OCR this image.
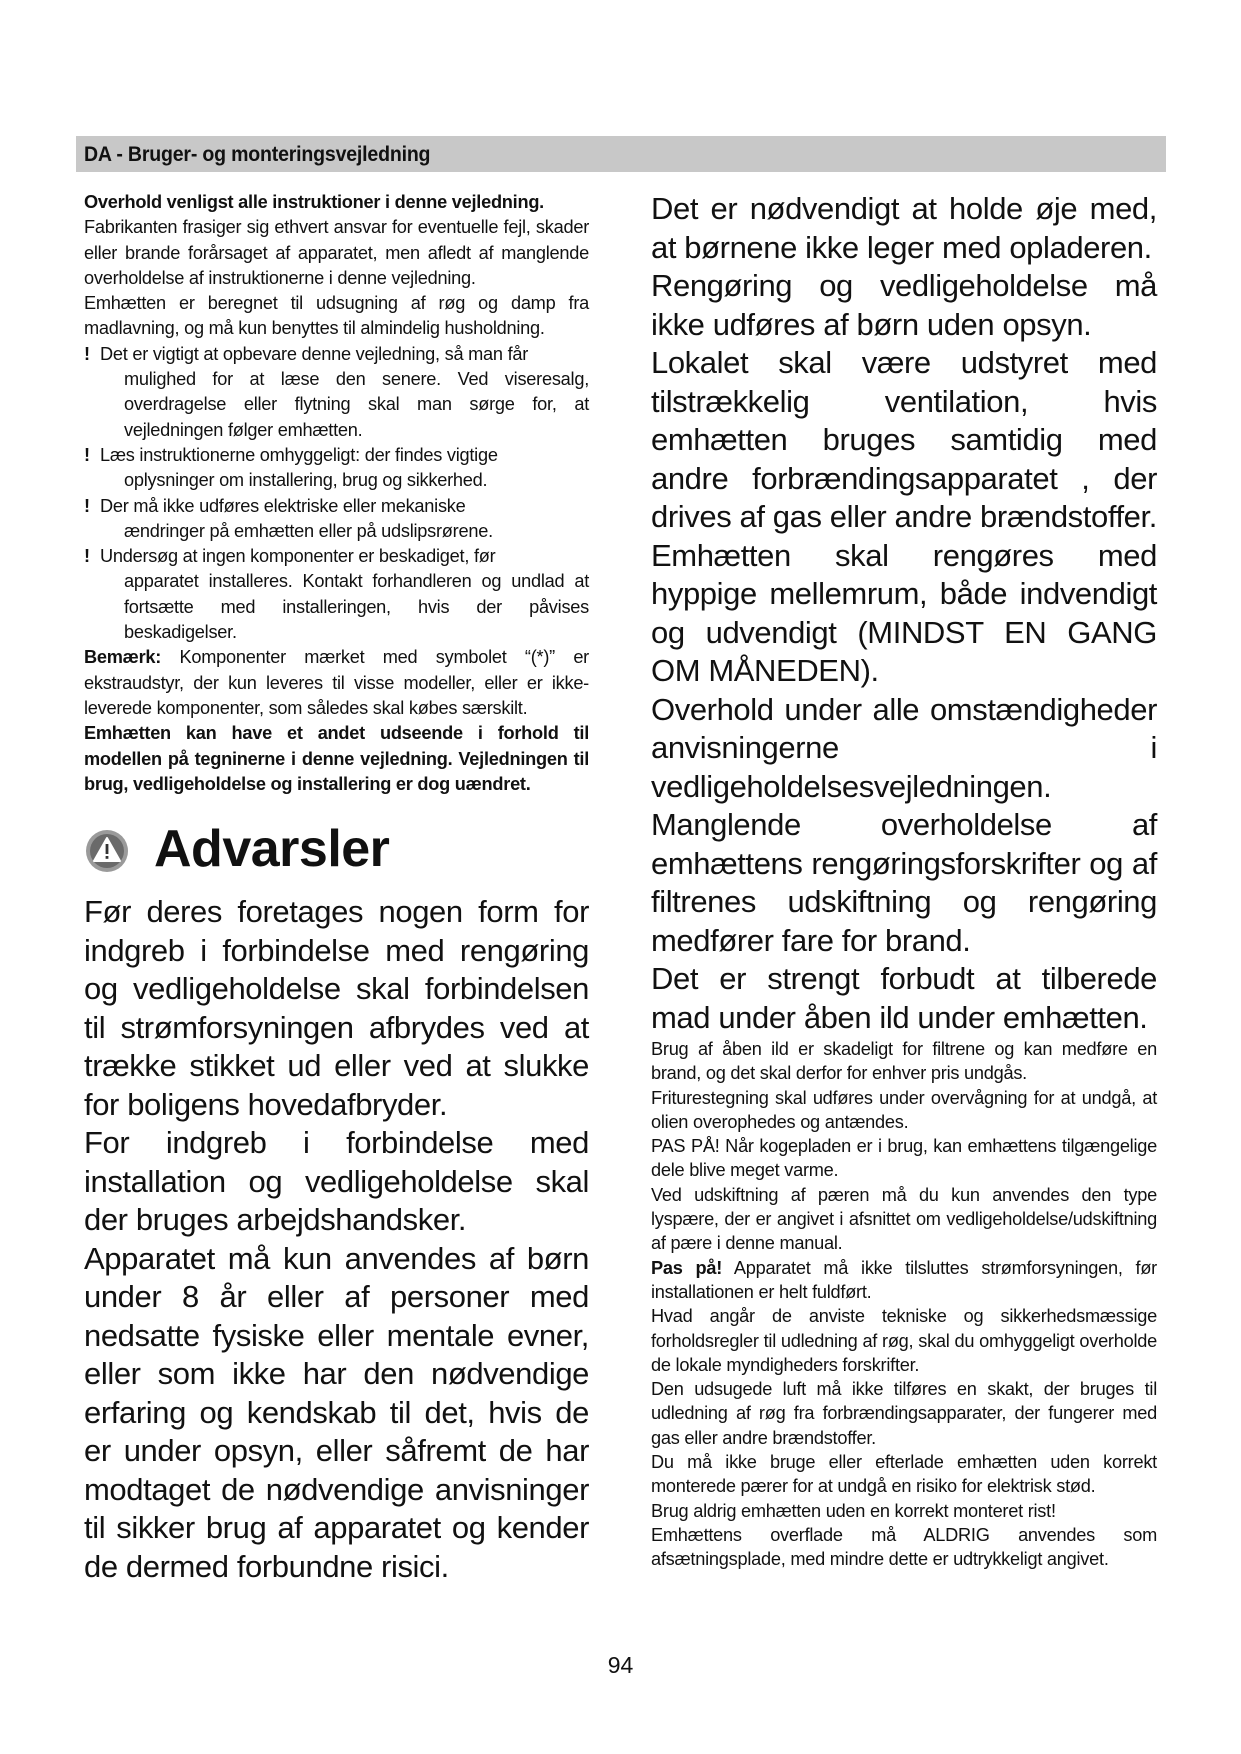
DA - Bruger- og monteringsvejledning

Overhold venligst alle instruktioner i denne vejledning.

Fabrikanten frasiger sig ethvert ansvar for eventuelle fejl, skader eller brande forårsaget af apparatet, men afledt af manglende overholdelse af instruktionerne i denne vejledning.

Emhætten er beregnet til udsugning af røg og damp fra madlavning, og må kun benyttes til almindelig husholdning.

! Det er vigtigt at opbevare denne vejledning, så man får mulighed for at læse den senere. Ved viseresalg, overdragelse eller flytning skal man sørge for, at vejledningen følger emhætten.
! Læs instruktionerne omhyggeligt: der findes vigtige oplysninger om installering, brug og sikkerhed.
! Der må ikke udføres elektriske eller mekaniske ændringer på emhætten eller på udslipsrørene.
! Undersøg at ingen komponenter er beskadiget, før apparatet installeres. Kontakt forhandleren og undlad at fortsætte med installeringen, hvis der påvises beskadigelser.

Bemærk: Komponenter mærket med symbolet “(*)” er ekstraudstyr, der kun leveres til visse modeller, eller er ikke-leverede komponenter, som således skal købes særskilt.

Emhætten kan have et andet udseende i forhold til modellen på tegninerne i denne vejledning. Vejledningen til brug, vedligeholdelse og installering er dog uændret.

Advarsler

Før deres foretages nogen form for indgreb i forbindelse med rengøring og vedligeholdelse skal forbindelsen til strømforsyningen afbrydes ved at trække stikket ud eller ved at slukke for boligens hovedafbryder.

For indgreb i forbindelse med installation og vedligeholdelse skal der bruges arbejdshandsker.

Apparatet må kun anvendes af børn under 8 år eller af personer med nedsatte fysiske eller mentale evner, eller som ikke har den nødvendige erfaring og kendskab til det, hvis de er under opsyn, eller såfremt de har modtaget de nødvendige anvisninger til sikker brug af apparatet og kender de dermed forbundne risici.

Det er nødvendigt at holde øje med, at børnene ikke leger med opladeren.

Rengøring og vedligeholdelse må ikke udføres af børn uden opsyn.

Lokalet skal være udstyret med tilstrækkelig ventilation, hvis emhætten bruges samtidig med andre forbrændingsapparatet , der drives af gas eller andre brændstoffer.

Emhætten skal rengøres med hyppige mellemrum, både indvendigt og udvendigt (MINDST EN GANG OM MÅNEDEN).

Overhold under alle omstændigheder anvisningerne i vedligeholdelsesvejledningen.

Manglende overholdelse af emhættens rengøringsforskrifter og af filtrenes udskiftning og rengøring medfører fare for brand.

Det er strengt forbudt at tilberede mad under åben ild under emhætten.

Brug af åben ild er skadeligt for filtrene og kan medføre en brand, og det skal derfor for enhver pris undgås.

Friturestegning skal udføres under overvågning for at undgå, at olien overophedes og antændes.

PAS PÅ! Når kogepladen er i brug, kan emhættens tilgængelige dele blive meget varme.

Ved udskiftning af pæren må du kun anvendes den type lyspære, der er angivet i afsnittet om vedligeholdelse/udskiftning af pære i denne manual.

Pas på! Apparatet må ikke tilsluttes strømforsyningen, før installationen er helt fuldført.

Hvad angår de anviste tekniske og sikkerhedsmæssige forholdsregler til udledning af røg, skal du omhyggeligt overholde de lokale myndigheders forskrifter.

Den udsugede luft må ikke tilføres en skakt, der bruges til udledning af røg fra forbrændingsapparater, der fungerer med gas eller andre brændstoffer.

Du må ikke bruge eller efterlade emhætten uden korrekt monterede pærer for at undgå en risiko for elektrisk stød.

Brug aldrig emhætten uden en korrekt monteret rist!

Emhættens overflade må ALDRIG anvendes som afsætningsplade, med mindre dette er udtrykkeligt angivet.

94
